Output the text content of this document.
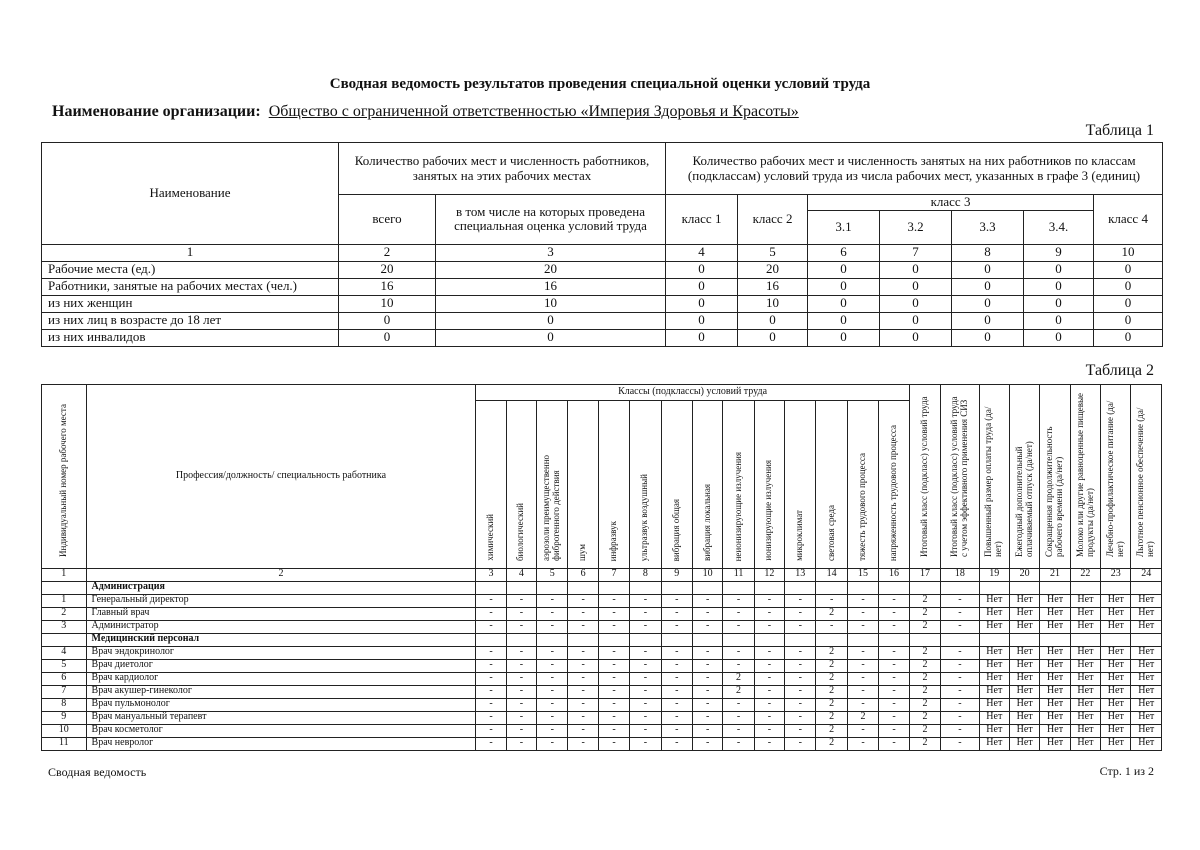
Сводная ведомость результатов проведения специальной оценки условий труда
Наименование организации: Общество с ограниченной ответственностью «Империя Здоровья и Красоты»
Таблица 1
Наименование	Количество рабочих мест и численность работников, занятых на этих рабочих местах		Количество рабочих мест и численность занятых на них работников по классам (подклассам) условий труда из числа рабочих мест, указанных в графе 3 (единиц)						
	всего	в том числе на которых проведена специальная оценка условий труда	класс 1	класс 2	класс 3				класс 4
					3.1	3.2	3.3	3.4.	
1	2	3	4	5	6	7	8	9	10
Рабочие места (ед.)	20	20	0	20	0	0	0	0	0
Работники, занятые на рабочих местах (чел.)	16	16	0	16	0	0	0	0	0
из них женщин	10	10	0	10	0	0	0	0	0
из них лиц в возрасте до 18 лет	0	0	0	0	0	0	0	0	0
из них инвалидов	0	0	0	0	0	0	0	0	0
Таблица 2
Индивидуальный номер рабочего места	Профессия/должность/ специальность работника	Классы (подклассы) условий труда														Итоговый класс (подкласс) условий труда	Итоговый класс (подкласс) условий труда с учетом эффективного применения СИЗ	Повышенный размер оплаты труда (да/нет)	Ежегодный дополнительный оплачиваемый отпуск (да/нет)	Сокращенная продолжительность рабочего времени (да/нет)	Молоко или другие равноценные пищевые продукты (да/нет)	Лечебно-профилактическое питание (да/нет)	Льготное пенсионное обеспечение (да/нет)
		химический	биологический	аэрозоли преимущественно фиброгенного действия	шум	инфразвук	ультразвук воздушный	вибрация общая	вибрация локальная	неионизирующие излучения	ионизирующие излучения	микроклимат	световая среда	тяжесть трудового процесса	напряженность трудового процесса								
1	2	3	4	5	6	7	8	9	10	11	12	13	14	15	16	17	18	19	20	21	22	23	24
	Администрация																						
1	Генеральный директор	-	-	-	-	-	-	-	-	-	-	-	-	-	-	2	-	Нет	Нет	Нет	Нет	Нет	Нет
2	Главный врач	-	-	-	-	-	-	-	-	-	-	-	2	-	-	2	-	Нет	Нет	Нет	Нет	Нет	Нет
3	Администратор	-	-	-	-	-	-	-	-	-	-	-	-	-	-	2	-	Нет	Нет	Нет	Нет	Нет	Нет
	Медицинский персонал																						
4	Врач эндокринолог	-	-	-	-	-	-	-	-	-	-	-	2	-	-	2	-	Нет	Нет	Нет	Нет	Нет	Нет
5	Врач диетолог	-	-	-	-	-	-	-	-	-	-	-	2	-	-	2	-	Нет	Нет	Нет	Нет	Нет	Нет
6	Врач кардиолог	-	-	-	-	-	-	-	-	2	-	-	2	-	-	2	-	Нет	Нет	Нет	Нет	Нет	Нет
7	Врач акушер-гинеколог	-	-	-	-	-	-	-	-	2	-	-	2	-	-	2	-	Нет	Нет	Нет	Нет	Нет	Нет
8	Врач пульмонолог	-	-	-	-	-	-	-	-	-	-	-	2	-	-	2	-	Нет	Нет	Нет	Нет	Нет	Нет
9	Врач мануальный терапевт	-	-	-	-	-	-	-	-	-	-	-	2	2	-	2	-	Нет	Нет	Нет	Нет	Нет	Нет
10	Врач косметолог	-	-	-	-	-	-	-	-	-	-	-	2	-	-	2	-	Нет	Нет	Нет	Нет	Нет	Нет
11	Врач невролог	-	-	-	-	-	-	-	-	-	-	-	2	-	-	2	-	Нет	Нет	Нет	Нет	Нет	Нет
Сводная ведомость	Стр. 1 из 2
